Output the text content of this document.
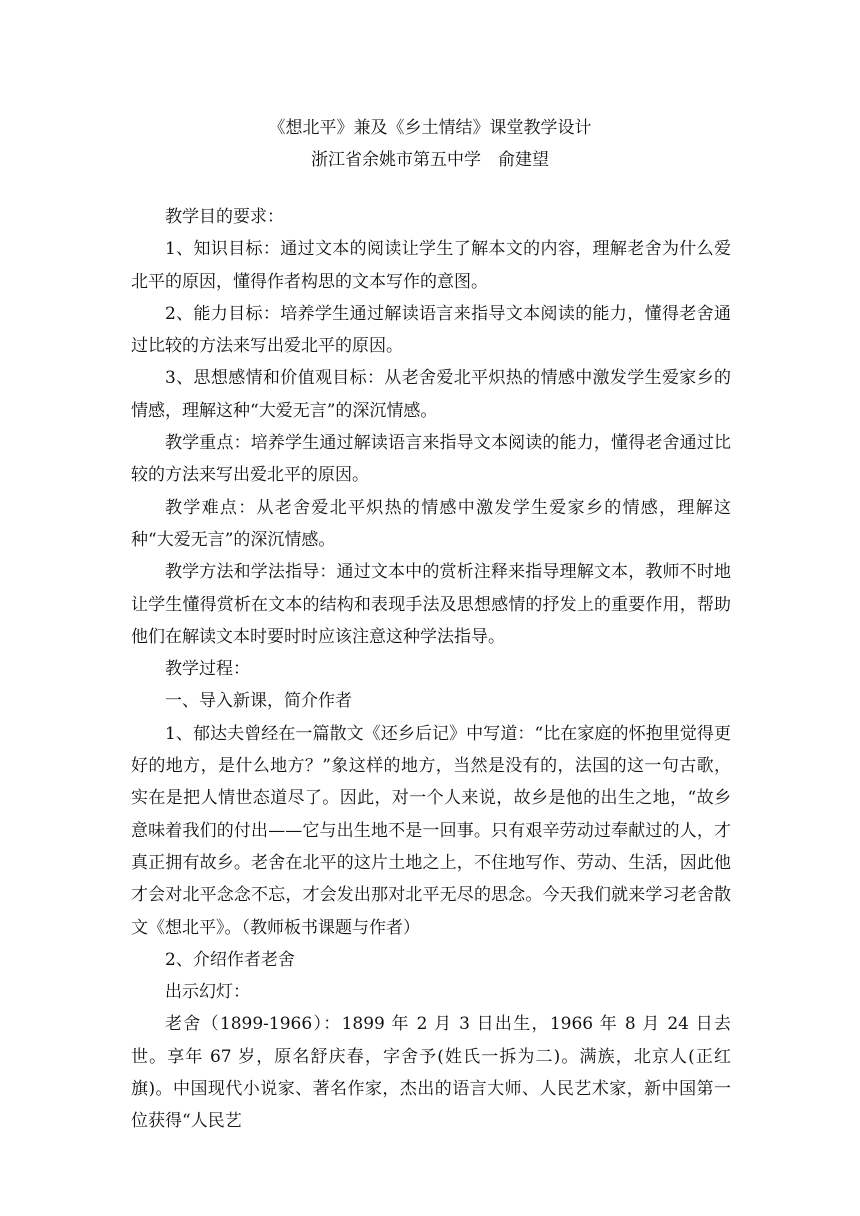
《想北平》兼及《乡土情结》课堂教学设计
浙江省余姚市第五中学　俞建望

教学目的要求：

1、知识目标：通过文本的阅读让学生了解本文的内容，理解老舍为什么爱北平的原因，懂得作者构思的文本写作的意图。

2、能力目标：培养学生通过解读语言来指导文本阅读的能力，懂得老舍通过比较的方法来写出爱北平的原因。

3、思想感情和价值观目标：从老舍爱北平炽热的情感中激发学生爱家乡的情感，理解这种“大爱无言”的深沉情感。

教学重点：培养学生通过解读语言来指导文本阅读的能力，懂得老舍通过比较的方法来写出爱北平的原因。

教学难点：从老舍爱北平炽热的情感中激发学生爱家乡的情感，理解这种“大爱无言”的深沉情感。

教学方法和学法指导：通过文本中的赏析注释来指导理解文本，教师不时地让学生懂得赏析在文本的结构和表现手法及思想感情的抒发上的重要作用，帮助他们在解读文本时要时时应该注意这种学法指导。

教学过程：

一、导入新课，简介作者

1、郁达夫曾经在一篇散文《还乡后记》中写道：“比在家庭的怀抱里觉得更好的地方，是什么地方？”象这样的地方，当然是没有的，法国的这一句古歌，实在是把人情世态道尽了。因此，对一个人来说，故乡是他的出生之地，“故乡意味着我们的付出——它与出生地不是一回事。只有艰辛劳动过奉献过的人，才真正拥有故乡。老舍在北平的这片土地之上，不住地写作、劳动、生活，因此他才会对北平念念不忘，才会发出那对北平无尽的思念。今天我们就来学习老舍散文《想北平》。（教师板书课题与作者）

2、介绍作者老舍

出示幻灯：

老舍（1899-1966）：1899 年 2 月 3 日出生，1966 年 8 月 24 日去世。享年 67 岁，原名舒庆春，字舍予(姓氏一拆为二)。满族，北京人(正红旗)。中国现代小说家、著名作家，杰出的语言大师、人民艺术家，新中国第一位获得“人民艺
